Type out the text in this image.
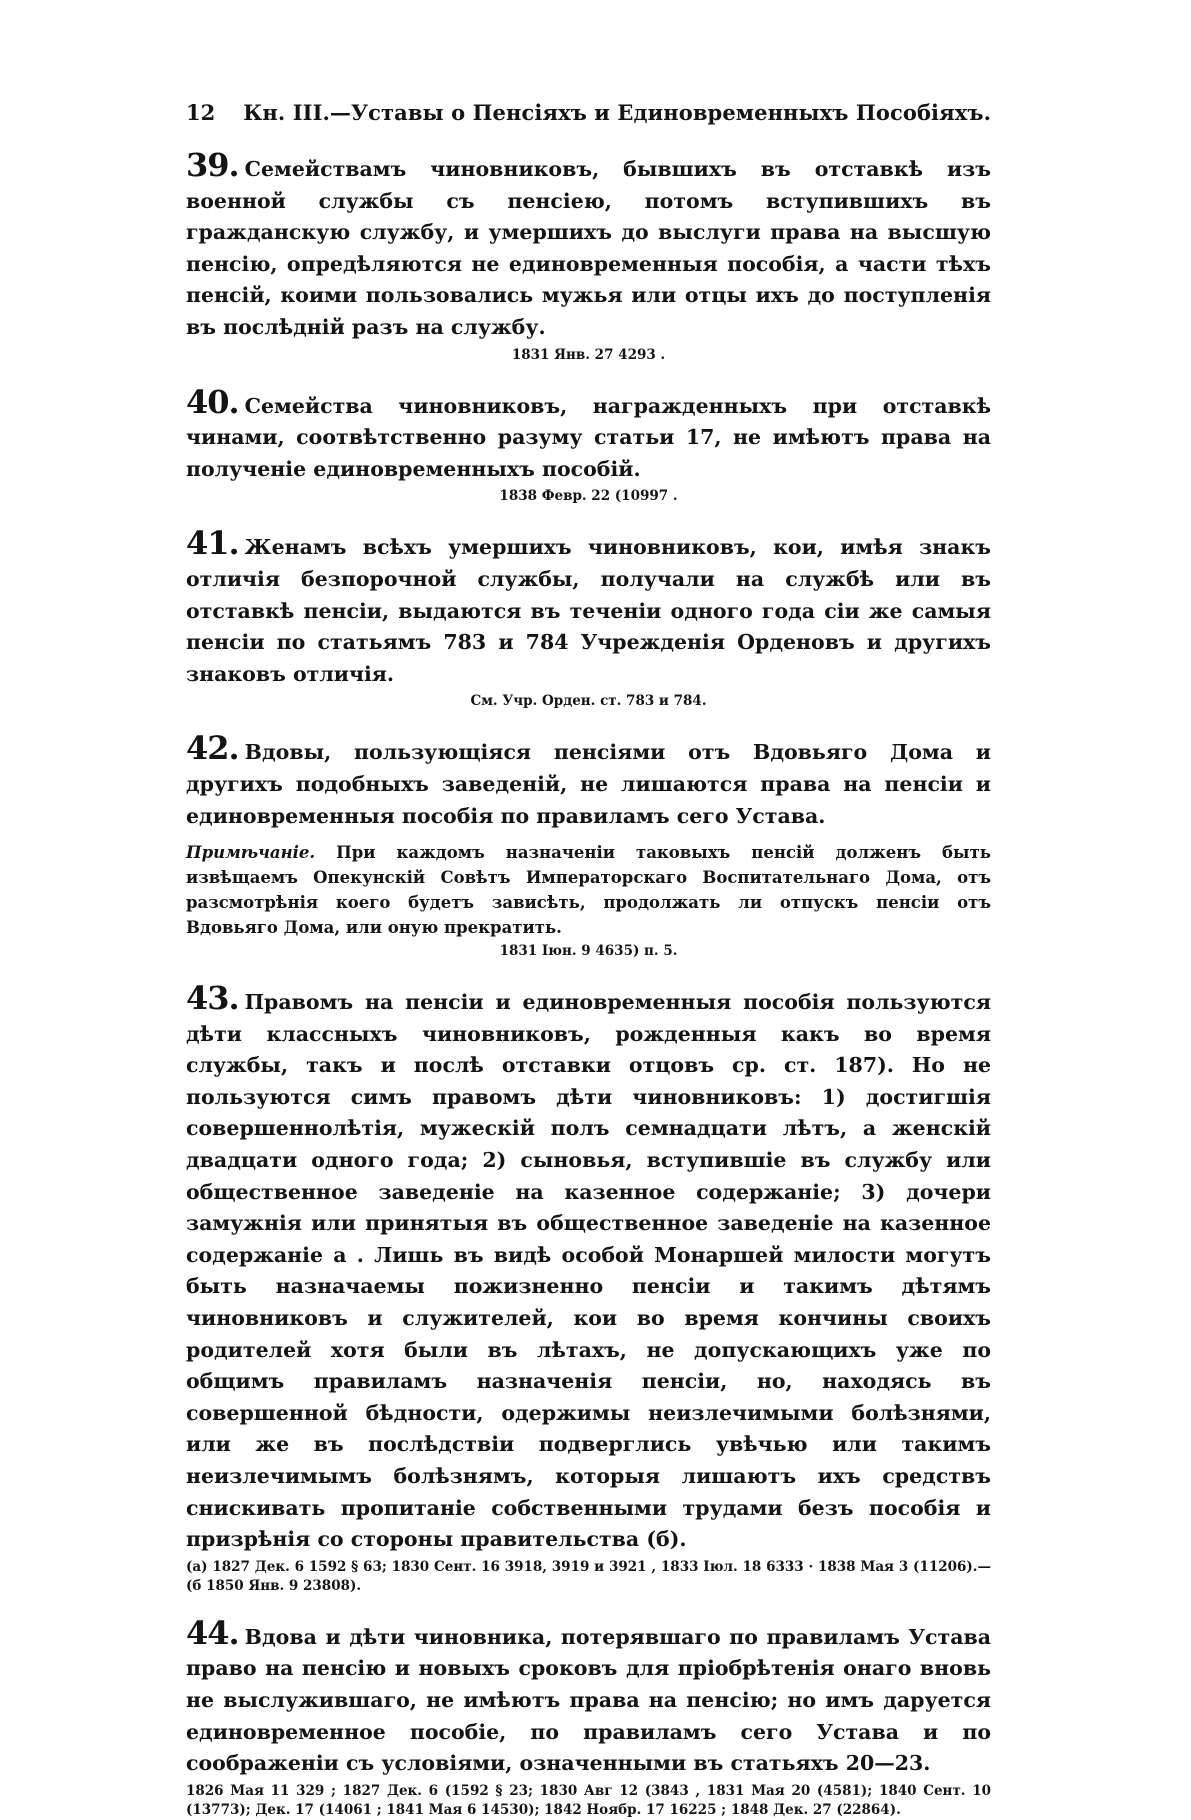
12	Кн. III.—Уставы о Пенсіяхъ и Единовременныхъ Пособіяхъ.

39. Семействамъ чиновниковъ, бывшихъ въ отставкѣ изъ военной службы съ пенсіею, потомъ вступившихъ въ гражданскую службу, и умершихъ до выслуги права на высшую пенсію, опредѣляются не единовременныя пособія, а части тѣхъ пенсій, коими пользовались мужья или отцы ихъ до поступленія въ послѣдній разъ на службу.

1831 Янв. 27 4293 .

40. Семейства чиновниковъ, награжденныхъ при отставкѣ чинами, соотвѣтственно разуму статьи 17, не имѣютъ права на полученіе единовременныхъ пособій.

1838 Февр. 22 (10997 .

41. Женамъ всѣхъ умершихъ чиновниковъ, кои, имѣя знакъ отличія безпорочной службы, получали на службѣ или въ отставкѣ пенсіи, выдаются въ теченіи одного года сіи же самыя пенсіи по статьямъ 783 и 784 Учрежденія Орденовъ и другихъ знаковъ отличія.

См. Учр. Орден. ст. 783 и 784.

42. Вдовы, пользующіяся пенсіями отъ Вдовьяго Дома и другихъ подобныхъ заведеній, не лишаются права на пенсіи и единовременныя пособія по правиламъ сего Устава.

Примѣчаніе. При каждомъ назначеніи таковыхъ пенсій долженъ быть извѣщаемъ Опекунскій Совѣтъ Императорскаго Воспитательнаго Дома, отъ разсмотрѣнія коего будетъ зависѣть, продолжать ли отпускъ пенсіи отъ Вдовьяго Дома, или оную прекратить.

1831 Іюн. 9 4635) п. 5.

43. Правомъ на пенсіи и единовременныя пособія пользуются дѣти классныхъ чиновниковъ, рожденныя какъ во время службы, такъ и послѣ отставки отцовъ ср. ст. 187). Но не пользуются симъ правомъ дѣти чиновниковъ: 1) достигшія совершеннолѣтія, мужескій полъ семнадцати лѣтъ, а женскій двадцати одного года; 2) сыновья, вступившіе въ службу или общественное заведеніе на казенное содержаніе; 3) дочери замужнія или принятыя въ общественное заведеніе на казенное содержаніе а . Лишь въ видѣ особой Монаршей милости могутъ быть назначаемы пожизненно пенсіи и такимъ дѣтямъ чиновниковъ и служителей, кои во время кончины своихъ родителей хотя были въ лѣтахъ, не допускающихъ уже по общимъ правиламъ назначенія пенсіи, но, находясь въ совершенной бѣдности, одержимы неизлечимыми болѣзнями, или же въ послѣдствіи подверглись увѣчью или такимъ неизлечимымъ болѣзнямъ, которыя лишаютъ ихъ средствъ снискивать пропитаніе собственными трудами безъ пособія и призрѣнія со стороны правительства (б).

(а) 1827 Дек. 6 1592 § 63; 1830 Сент. 16 3918, 3919 и 3921 , 1833 Іюл. 18 6333 · 1838 Мая 3 (11206).—(б 1850 Янв. 9 23808).

44. Вдова и дѣти чиновника, потерявшаго по правиламъ Устава право на пенсію и новыхъ сроковъ для пріобрѣтенія онаго вновь не выслужившаго, не имѣютъ права на пенсію; но имъ даруется единовременное пособіе, по правиламъ сего Устава и по соображеніи съ условіями, означенными въ статьяхъ 20—23.

1826 Мая 11 329 ; 1827 Дек. 6 (1592 § 23; 1830 Авг 12 (3843 , 1831 Мая 20 (4581); 1840 Сент. 10 (13773); Дек. 17 (14061 ; 1841 Мая 6 14530); 1842 Ноябр. 17 16225 ; 1848 Дек. 27 (22864).
